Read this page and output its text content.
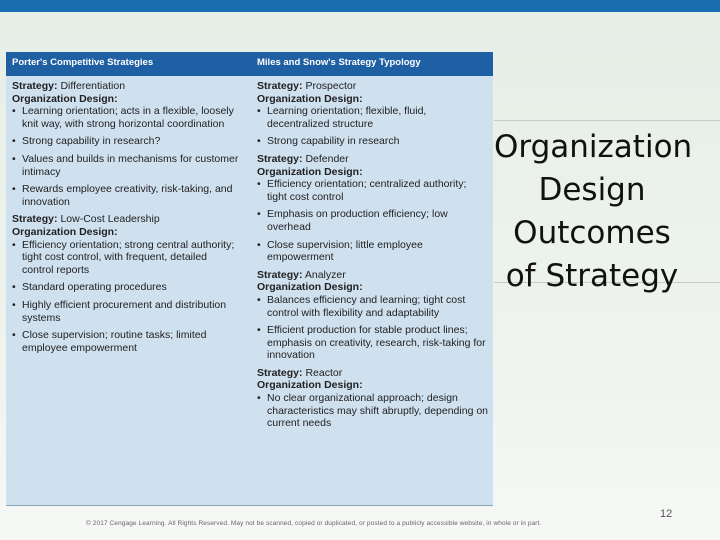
Porter's Competitive Strategies	Miles and Snow's Strategy Typology

Strategy: Differentiation

Organization Design:

• Learning orientation; acts in a flexible, loosely knit way, with strong horizontal coordination
• Strong capability in research?
• Values and builds in mechanisms for customer intimacy
• Rewards employee creativity, risk-taking, and innovation

Strategy: Low-Cost Leadership

Organization Design:

• Efficiency orientation; strong central authority; tight cost control, with frequent, detailed control reports
• Standard operating procedures
• Highly efficient procurement and distribution systems
• Close supervision; routine tasks; limited employee empowerment

Strategy: Prospector

Organization Design:

• Learning orientation; flexible, fluid, decentralized structure
• Strong capability in research

Strategy: Defender

Organization Design:

• Efficiency orientation; centralized authority; tight cost control
• Emphasis on production efficiency; low overhead
• Close supervision; little employee empowerment

Strategy: Analyzer

Organization Design:

• Balances efficiency and learning; tight cost control with flexibility and adaptability
• Efficient production for stable product lines; emphasis on creativity, research, risk-taking for innovation

Strategy: Reactor

Organization Design:

• No clear organizational approach; design characteristics may shift abruptly, depending on current needs
Organization Design Outcomes of Strategy
12
© 2017 Cengage Learning. All Rights Reserved. May not be scanned, copied or duplicated, or posted to a publicly accessible website, in whole or in part.
